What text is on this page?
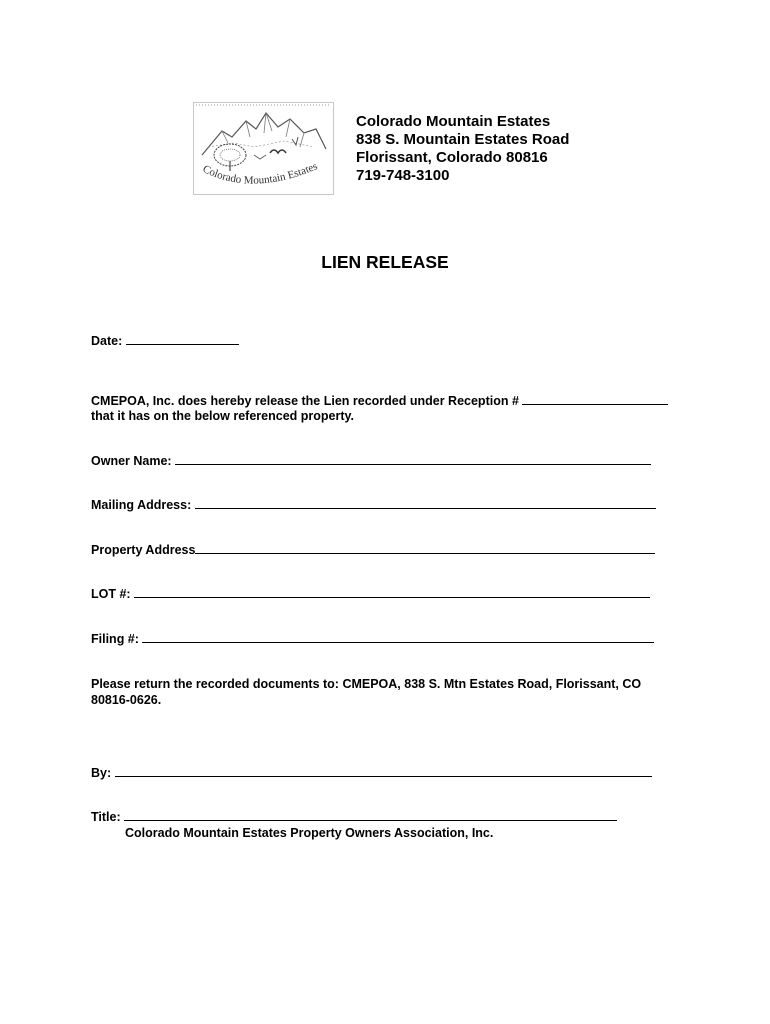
Colorado Mountain Estates
Colorado Mountain Estates
838 S. Mountain Estates Road
Florissant, Colorado 80816
719-748-3100
LIEN RELEASE
Date:
CMEPOA, Inc. does hereby release the Lien recorded under Reception #
that it has on the below referenced property.
Owner Name:
Mailing Address:
Property Address
LOT #:
Filing #:
Please return the recorded documents to: CMEPOA, 838 S. Mtn Estates Road, Florissant, CO
80816-0626.
By:
Title:
Colorado Mountain Estates Property Owners Association, Inc.
